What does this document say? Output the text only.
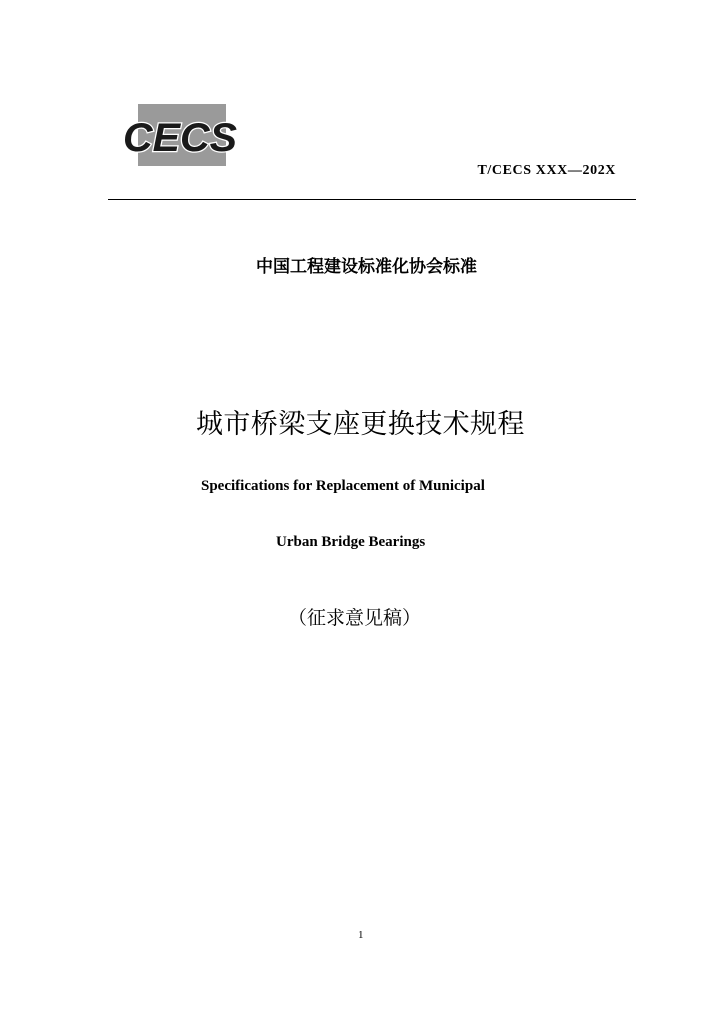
CECS
T/CECS XXX—202X
中国工程建设标准化协会标准
城市桥梁支座更换技术规程
Specifications for Replacement of Municipal
Urban Bridge Bearings
（征求意见稿）
1
